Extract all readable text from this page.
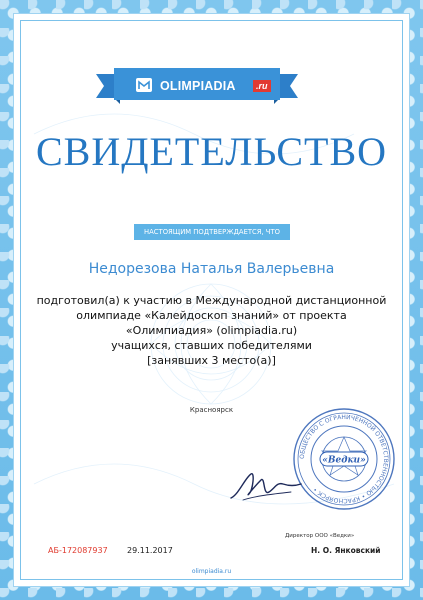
OLIMPIADIA	.ru
СВИДЕТЕЛЬСТВО
НАСТОЯЩИМ ПОДТВЕРЖДАЕТСЯ, ЧТО
Недорезова Наталья Валерьевна
подготовил(а) к участию в Международной дистанционной
олимпиаде «Калейдоскоп знаний» от проекта
«Олимпиадия» (olimpiadia.ru)
учащихся, ставших победителями
[занявших 3 место(а)]
Красноярск
ОБЩЕСТВО С ОГРАНИЧЕННОЙ ОТВЕТСТВЕННОСТЬЮ • КРАСНОЯРСК •
«Ведки»
АБ-172087937 29.11.2017
Директор ООО «Ведки»
Н. О. Янковский
olimpiadia.ru
